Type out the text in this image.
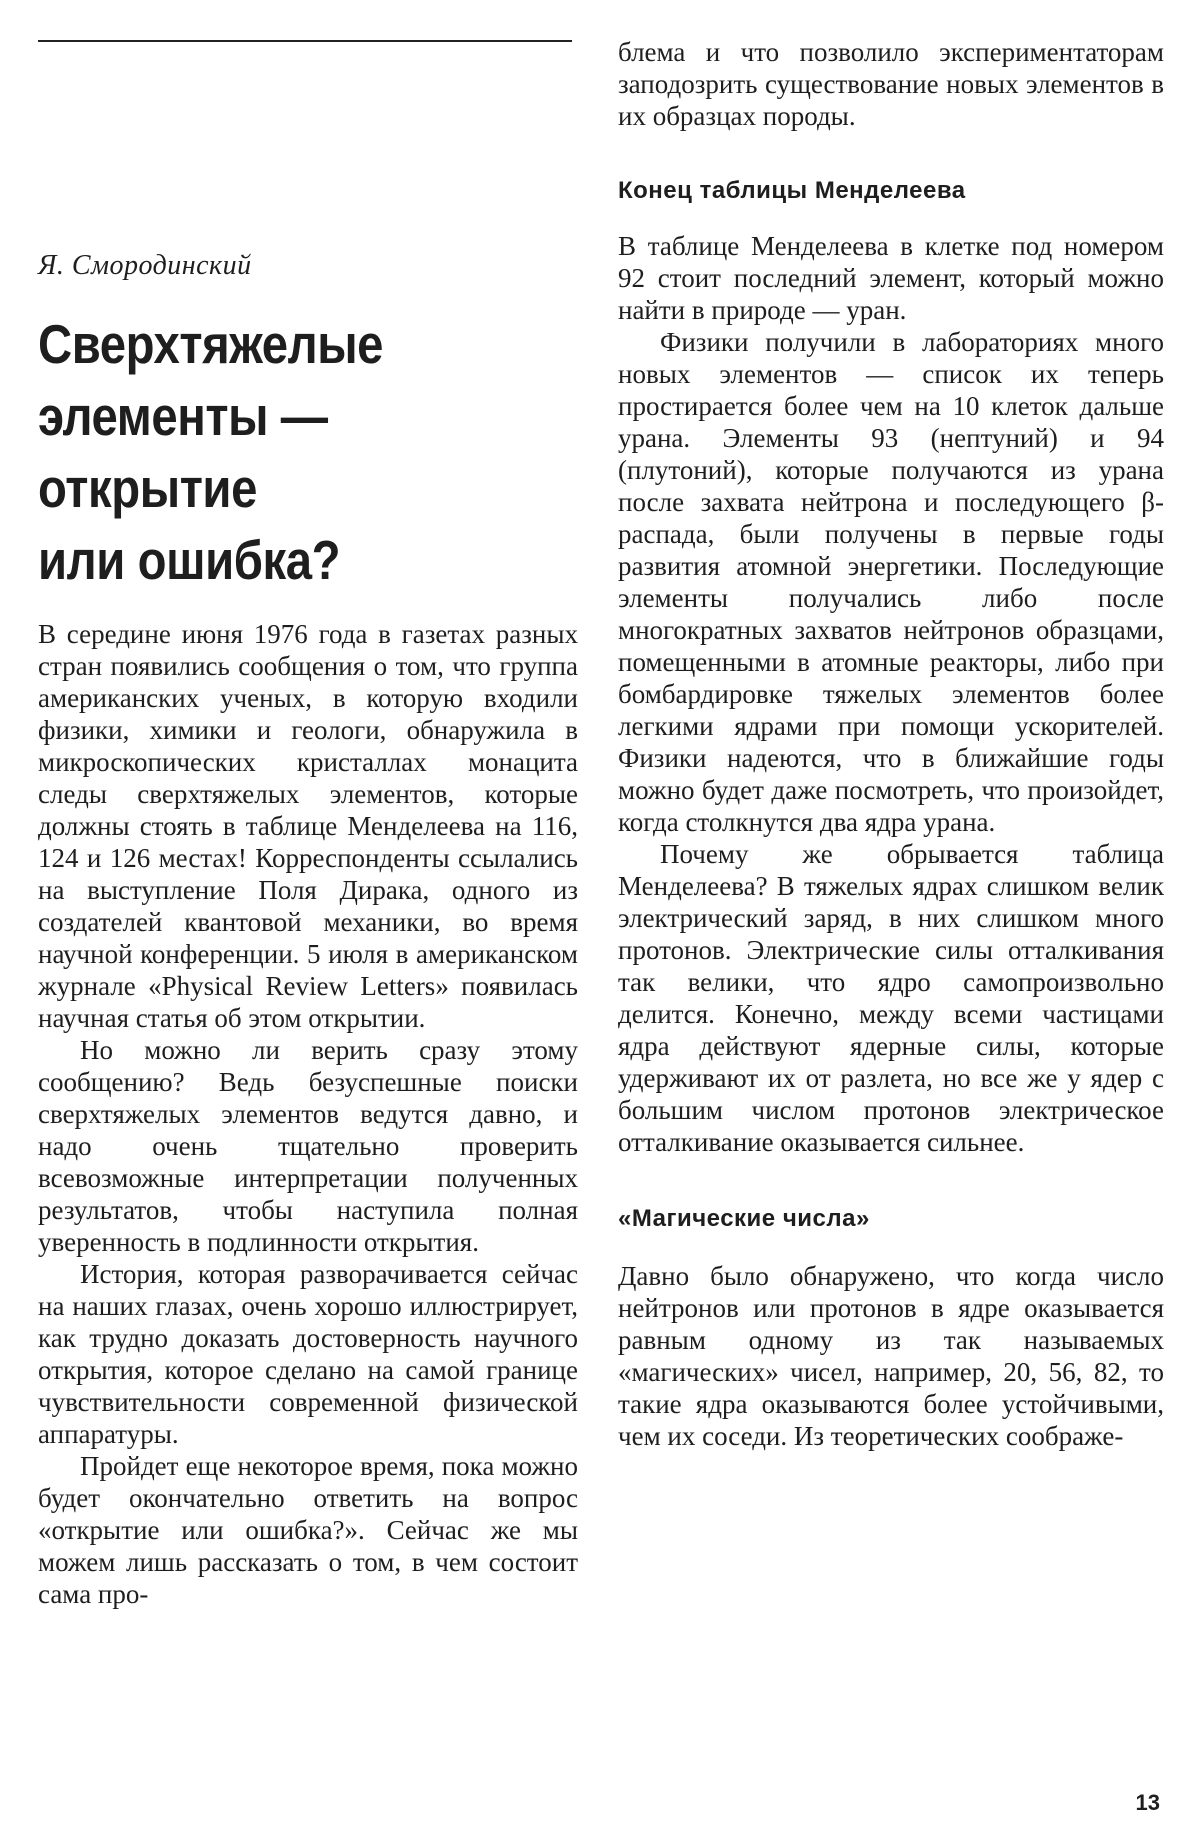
Я. Смородинский
Сверхтяжелые
элементы —
открытие
или ошибка?

В середине июня 1976 года в газетах разных стран появились сообщения о том, что группа американских ученых, в которую входили физики, химики и геологи, обнаружила в микроскопических кристаллах монацита следы сверхтяжелых элементов, которые должны стоять в таблице Менделеева на 116, 124 и 126 местах! Корреспонденты ссылались на выступление Поля Дирака, одного из создателей квантовой механики, во время научной конференции. 5 июля в американском журнале «Physical Review Letters» появилась научная статья об этом открытии.

Но можно ли верить сразу этому сообщению? Ведь безуспешные поиски сверхтяжелых элементов ведутся давно, и надо очень тщательно проверить всевозможные интерпретации полученных результатов, чтобы наступила полная уверенность в подлинности открытия.

История, которая разворачивается сейчас на наших глазах, очень хорошо иллюстрирует, как трудно доказать достоверность научного открытия, которое сделано на самой границе чувствительности современной физической аппаратуры.

Пройдет еще некоторое время, пока можно будет окончательно ответить на вопрос «открытие или ошибка?». Сейчас же мы можем лишь рассказать о том, в чем состоит сама про-

блема и что позволило экспериментаторам заподозрить существование новых элементов в их образцах породы.

Конец таблицы Менделеева

В таблице Менделеева в клетке под номером 92 стоит последний элемент, который можно найти в природе — уран.

Физики получили в лабораториях много новых элементов — список их теперь простирается более чем на 10 клеток дальше урана. Элементы 93 (нептуний) и 94 (плутоний), которые получаются из урана после захвата нейтрона и последующего β-распада, были получены в первые годы развития атомной энергетики. Последующие элементы получались либо после многократных захватов нейтронов образцами, помещенными в атомные реакторы, либо при бомбардировке тяжелых элементов более легкими ядрами при помощи ускорителей. Физики надеются, что в ближайшие годы можно будет даже посмотреть, что произойдет, когда столкнутся два ядра урана.

Почему же обрывается таблица Менделеева? В тяжелых ядрах слишком велик электрический заряд, в них слишком много протонов. Электрические силы отталкивания так велики, что ядро самопроизвольно делится. Конечно, между всеми частицами ядра действуют ядерные силы, которые удерживают их от разлета, но все же у ядер с большим числом протонов электрическое отталкивание оказывается сильнее.

«Магические числа»

Давно было обнаружено, что когда число нейтронов или протонов в ядре оказывается равным одному из так называемых «магических» чисел, например, 20, 56, 82, то такие ядра оказываются более устойчивыми, чем их соседи. Из теоретических соображе-

13
